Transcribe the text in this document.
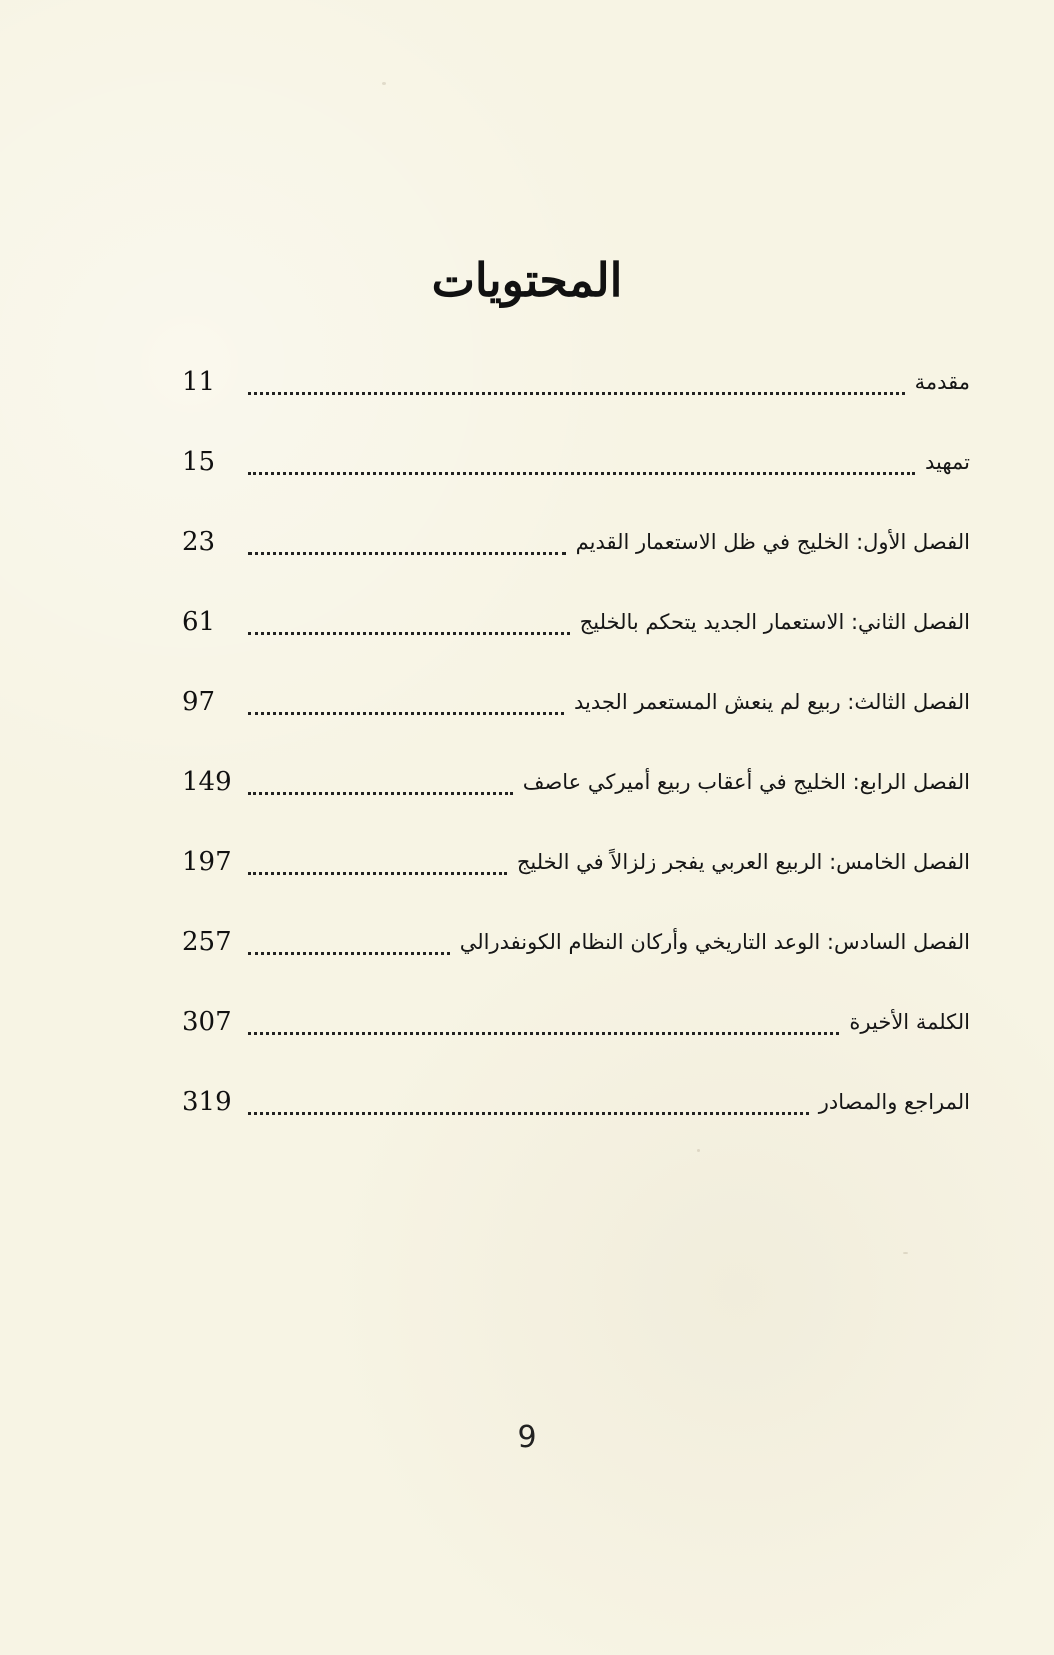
المحتويات
11	مقدمة
15	تمهيد
23	الفصل الأول: الخليج في ظل الاستعمار القديم
61	الفصل الثاني: الاستعمار الجديد يتحكم بالخليج
97	الفصل الثالث: ربيع لم ينعش المستعمر الجديد
149	الفصل الرابع: الخليج في أعقاب ربيع أميركي عاصف
197	الفصل الخامس: الربيع العربي يفجر زلزالاً في الخليج
257	الفصل السادس: الوعد التاريخي وأركان النظام الكونفدرالي
307	الكلمة الأخيرة
319	المراجع والمصادر
9
